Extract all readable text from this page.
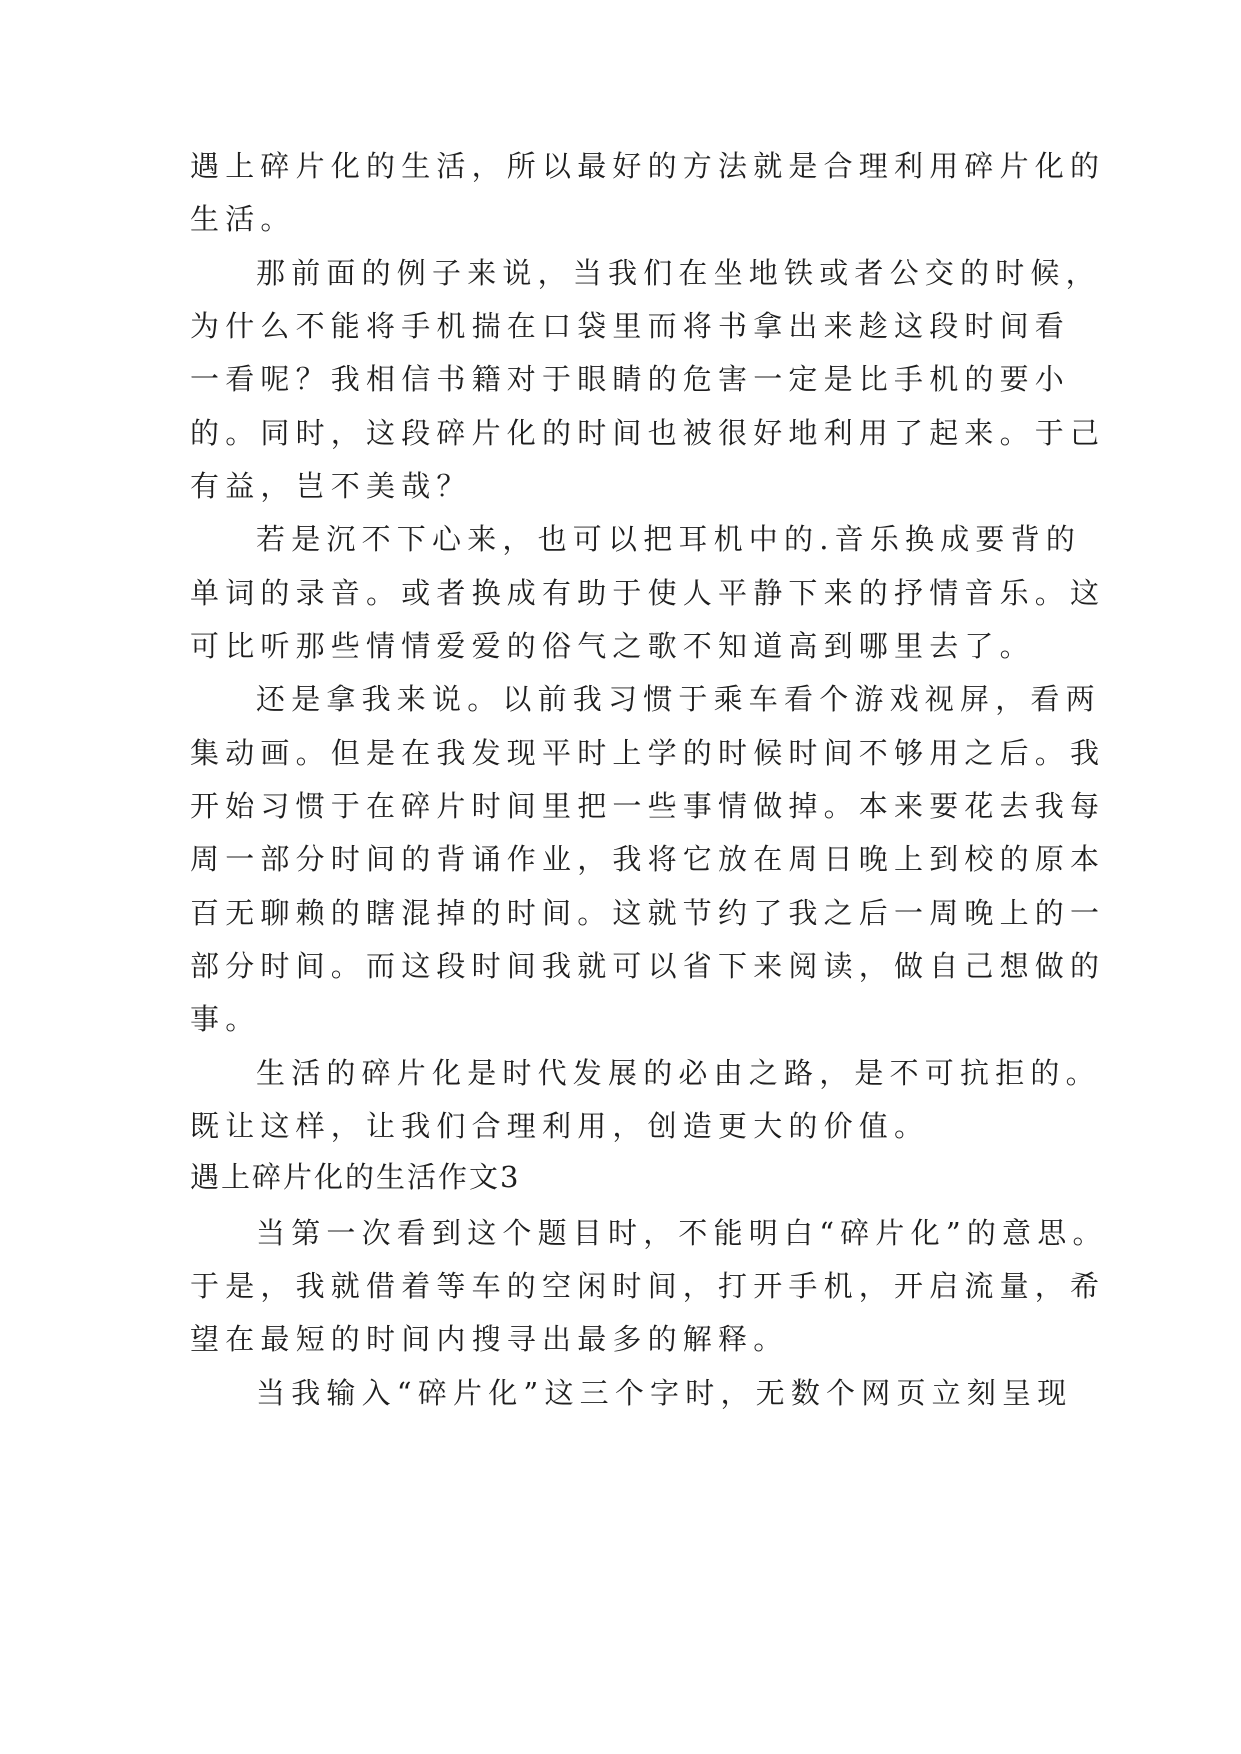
遇上碎片化的生活，所以最好的方法就是合理利用碎片化的
生活。
那前面的例子来说，当我们在坐地铁或者公交的时候，
为什么不能将手机揣在口袋里而将书拿出来趁这段时间看
一看呢？我相信书籍对于眼睛的危害一定是比手机的要小
的。同时，这段碎片化的时间也被很好地利用了起来。于己
有益，岂不美哉？
若是沉不下心来，也可以把耳机中的.音乐换成要背的
单词的录音。或者换成有助于使人平静下来的抒情音乐。这
可比听那些情情爱爱的俗气之歌不知道高到哪里去了。
还是拿我来说。以前我习惯于乘车看个游戏视屏，看两
集动画。但是在我发现平时上学的时候时间不够用之后。我
开始习惯于在碎片时间里把一些事情做掉。本来要花去我每
周一部分时间的背诵作业，我将它放在周日晚上到校的原本
百无聊赖的瞎混掉的时间。这就节约了我之后一周晚上的一
部分时间。而这段时间我就可以省下来阅读，做自己想做的
事。
生活的碎片化是时代发展的必由之路，是不可抗拒的。
既让这样，让我们合理利用，创造更大的价值。
遇上碎片化的生活作文3
当第一次看到这个题目时，不能明白“碎片化”的意思。
于是，我就借着等车的空闲时间，打开手机，开启流量，希
望在最短的时间内搜寻出最多的解释。
当我输入“碎片化”这三个字时，无数个网页立刻呈现
